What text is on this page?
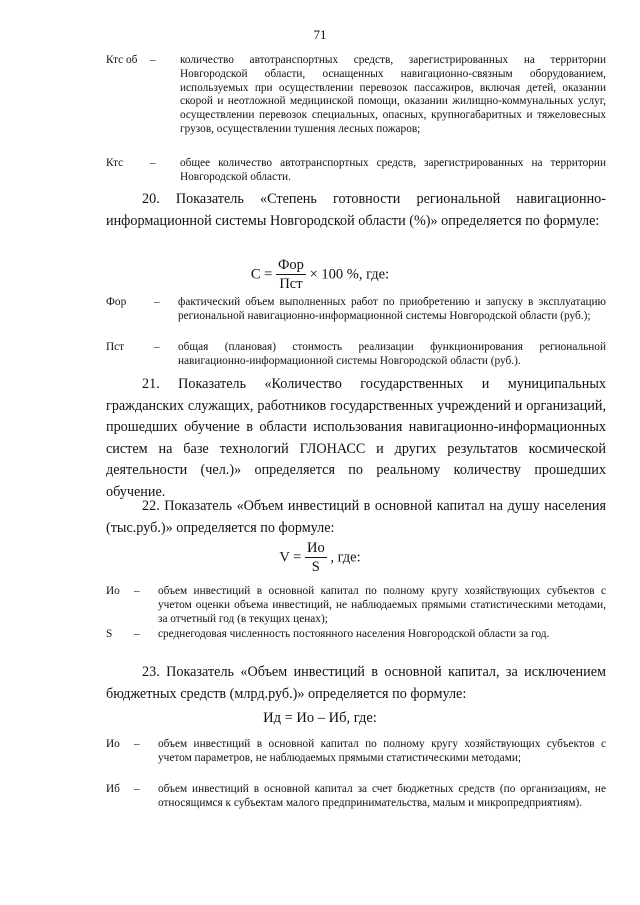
71
Ктс об – количество автотранспортных средств, зарегистрированных на территории Новгородской области, оснащенных навигационно-связным оборудованием, используемых при осуществлении перевозок пассажиров, включая детей, оказании скорой и неотложной медицинской помощи, оказании жилищно-коммунальных услуг, осуществлении перевозок специальных, опасных, крупногабаритных и тяжеловесных грузов, осуществлении тушения лесных пожаров;
Ктс – общее количество автотранспортных средств, зарегистрированных на территории Новгородской области.
20. Показатель «Степень готовности региональной навигационно-информационной системы Новгородской области (%)» определяется по формуле:
$С = \frac{\text{Фор}}{\text{Пст}} \times 100$ %, где:
Фор – фактический объем выполненных работ по приобретению и запуску в эксплуатацию региональной навигационно-информационной системы Новгородской области (руб.);
Пст	– общая (плановая) стоимость реализации функционирования региональной навигационно-информационной системы Новгородской области (руб.).
21. Показатель «Количество государственных и муниципальных гражданских служащих, работников государственных учреждений и организаций, прошедших обучение в области использования навигационно-информационных систем на базе технологий ГЛОНАСС и других результатов космической деятельности (чел.)» определяется по реальному количеству прошедших обучение.
22. Показатель «Объем инвестиций в основной капитал на душу населения (тыс.руб.)» определяется по формуле:
$V = \frac{Ио}{S}$ , где:
Ио – объем инвестиций в основной капитал по полному кругу хозяйствующих субъектов с учетом оценки объема инвестиций, не наблюдаемых прямыми статистическими методами, за отчетный год (в текущих ценах);
S – среднегодовая численность постоянного населения Новгородской области за год.
23. Показатель «Объем инвестиций в основной капитал, за исключением бюджетных средств (млрд.руб.)» определяется по формуле:
Ид = Ио – Иб, где:
Ио – объем инвестиций в основной капитал по полному кругу хозяйствующих субъектов с учетом параметров, не наблюдаемых прямыми статистическими методами;
Иб – объем инвестиций в основной капитал за счет бюджетных средств (по организациям, не относящимся к субъектам малого предпринимательства, малым и микропредприятиям).
